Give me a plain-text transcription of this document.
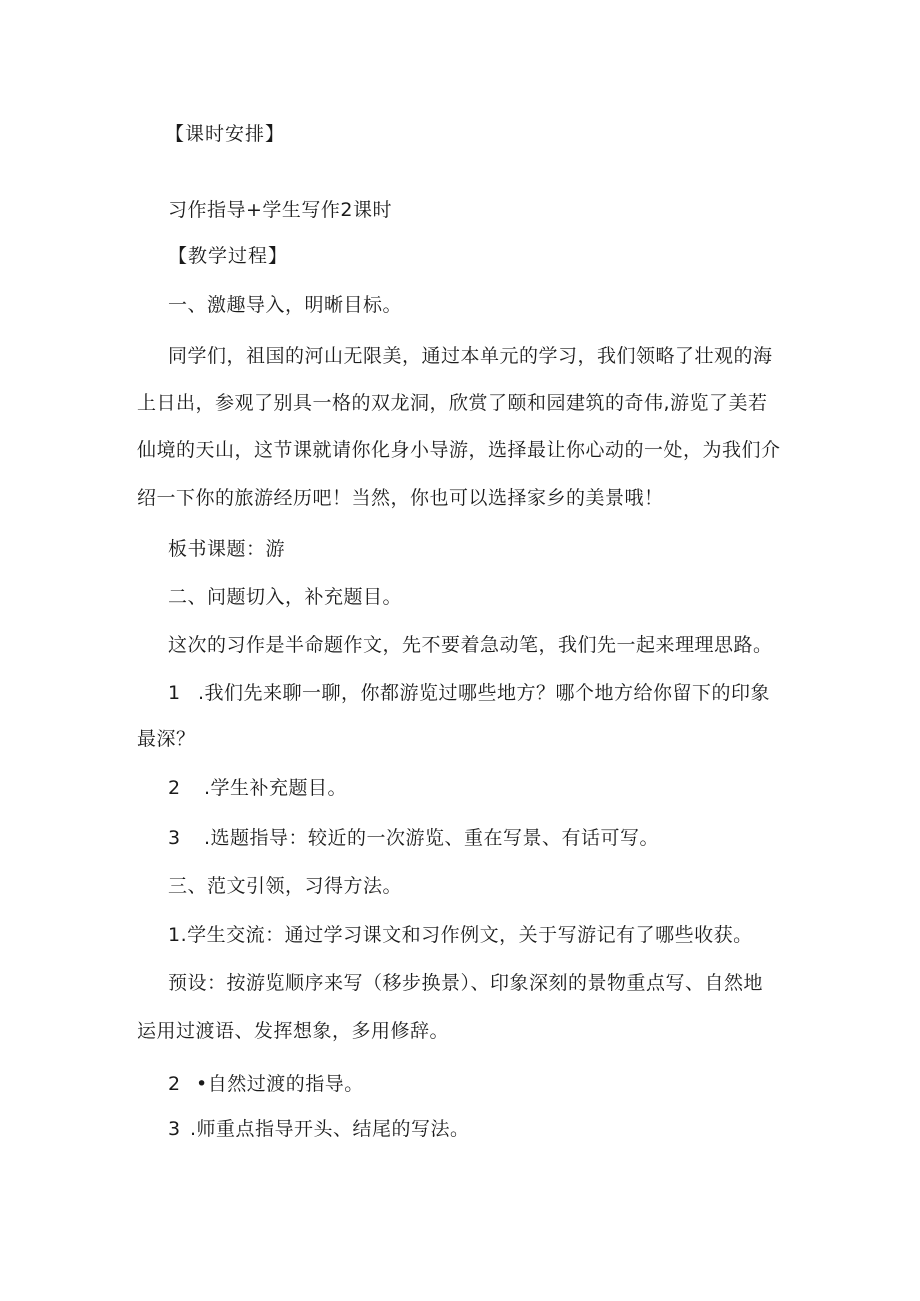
【课时安排】
习作指导+学生写作2课时
【教学过程】
一、激趣导入，明晰目标。
同学们，祖国的河山无限美，通过本单元的学习，我们领略了壮观的海
上日出，参观了别具一格的双龙洞，欣赏了颐和园建筑的奇伟,游览了美若
仙境的天山，这节课就请你化身小导游，选择最让你心动的一处，为我们介
绍一下你的旅游经历吧！当然，你也可以选择家乡的美景哦！
板书课题：游
二、问题切入，补充题目。
这次的习作是半命题作文，先不要着急动笔，我们先一起来理理思路。
1 .我们先来聊一聊，你都游览过哪些地方？哪个地方给你留下的印象
最深？
2 .学生补充题目。
3 .选题指导：较近的一次游览、重在写景、有话可写。
三、范文引领，习得方法。
1.学生交流：通过学习课文和习作例文，关于写游记有了哪些收获。
预设：按游览顺序来写（移步换景）、印象深刻的景物重点写、自然地
运用过渡语、发挥想象，多用修辞。
2 •自然过渡的指导。
3 .师重点指导开头、结尾的写法。
